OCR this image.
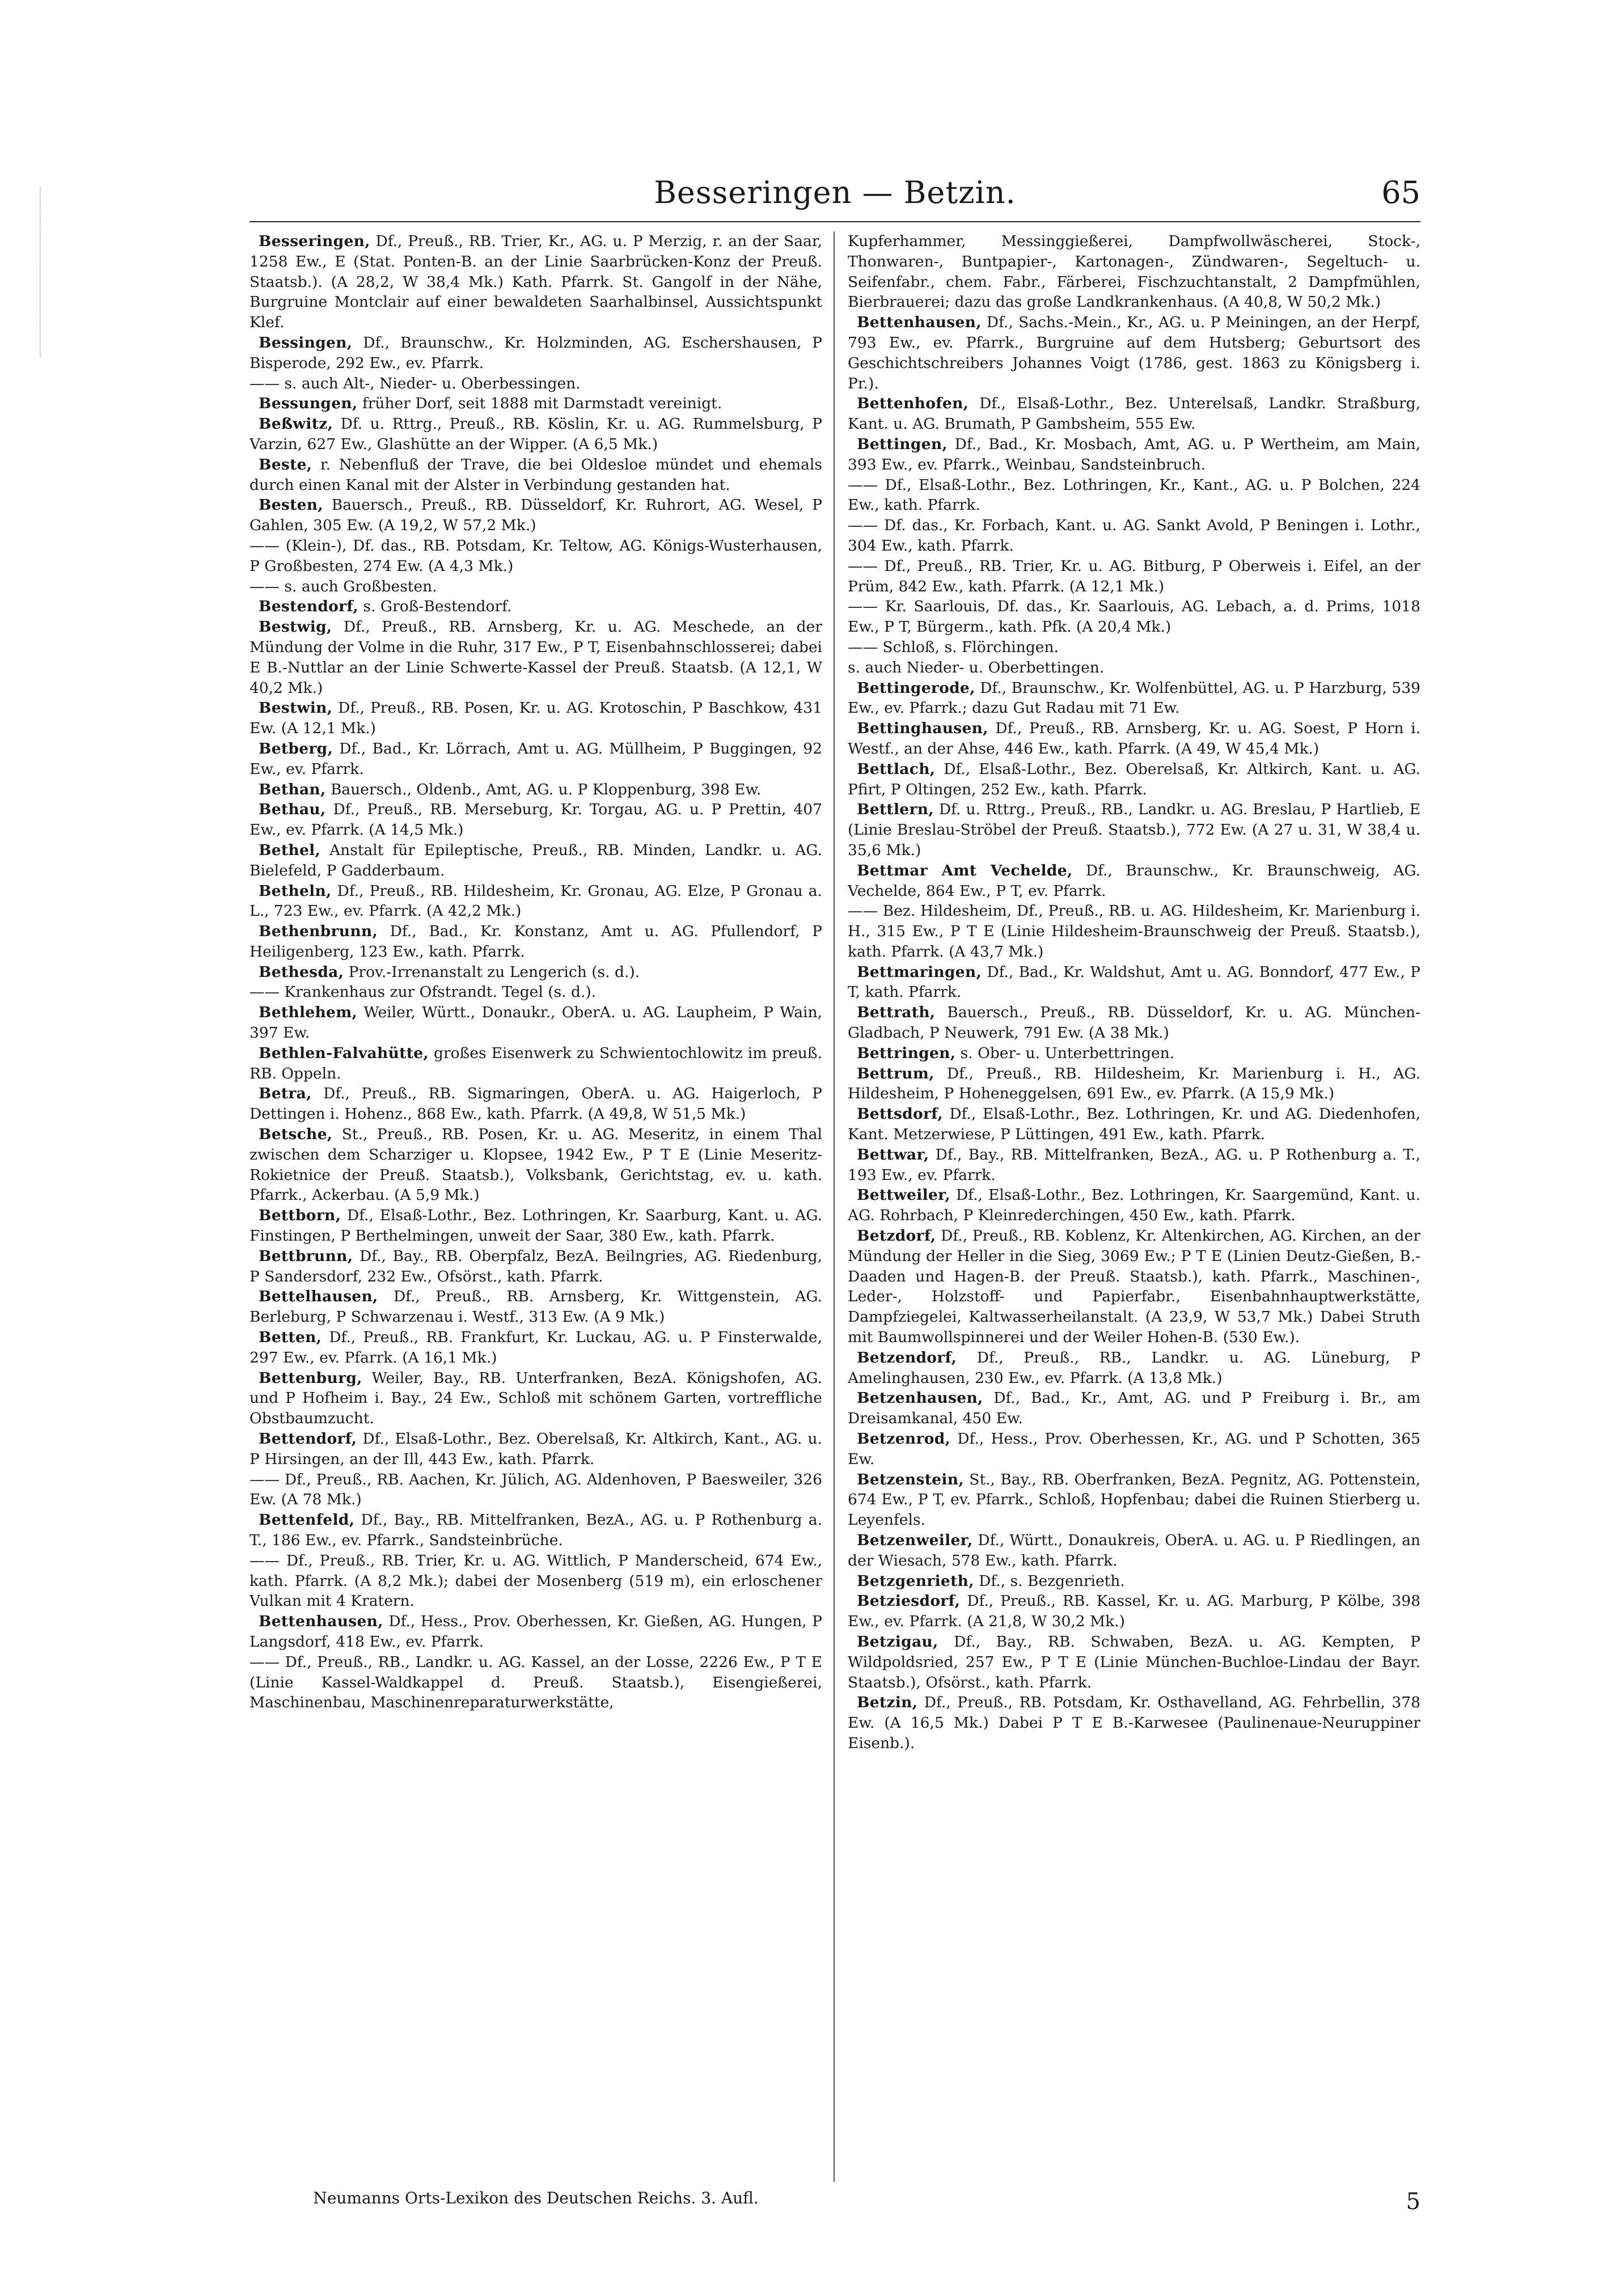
Besseringen — Betzin.	65
Besseringen, Df., Preuß., RB. Trier, Kr., AG. u. P Merzig, r. an der Saar, 1258 Ew., E (Stat. Ponten-B. an der Linie Saarbrücken-Konz der Preuß. Staatsb.). (A 28,2, W 38,4 Mk.) Kath. Pfarrk. St. Gangolf in der Nähe, Burgruine Montclair auf einer bewaldeten Saarhalbinsel, Aussichtspunkt Klef.
Bessingen, Df., Braunschw., Kr. Holzminden, AG. Eschershausen, P Bisperode, 292 Ew., ev. Pfarrk.
—— s. auch Alt-, Nieder- u. Oberbessingen.
Bessungen, früher Dorf, seit 1888 mit Darmstadt vereinigt.
Beßwitz, Df. u. Rttrg., Preuß., RB. Köslin, Kr. u. AG. Rummelsburg, P Varzin, 627 Ew., Glashütte an der Wipper. (A 6,5 Mk.)
Beste, r. Nebenfluß der Trave, die bei Oldesloe mündet und ehemals durch einen Kanal mit der Alster in Verbindung gestanden hat.
Besten, Bauersch., Preuß., RB. Düsseldorf, Kr. Ruhrort, AG. Wesel, P Gahlen, 305 Ew. (A 19,2, W 57,2 Mk.)
—— (Klein-), Df. das., RB. Potsdam, Kr. Teltow, AG. Königs-Wusterhausen, P Großbesten, 274 Ew. (A 4,3 Mk.)
—— s. auch Großbesten.
Bestendorf, s. Groß-Bestendorf.
Bestwig, Df., Preuß., RB. Arnsberg, Kr. u. AG. Meschede, an der Mündung der Volme in die Ruhr, 317 Ew., P T, Eisenbahnschlosserei; dabei E B.-Nuttlar an der Linie Schwerte-Kassel der Preuß. Staatsb. (A 12,1, W 40,2 Mk.)
Bestwin, Df., Preuß., RB. Posen, Kr. u. AG. Krotoschin, P Baschkow, 431 Ew. (A 12,1 Mk.)
Betberg, Df., Bad., Kr. Lörrach, Amt u. AG. Müllheim, P Buggingen, 92 Ew., ev. Pfarrk.
Bethan, Bauersch., Oldenb., Amt, AG. u. P Kloppenburg, 398 Ew.
Bethau, Df., Preuß., RB. Merseburg, Kr. Torgau, AG. u. P Prettin, 407 Ew., ev. Pfarrk. (A 14,5 Mk.)
Bethel, Anstalt für Epileptische, Preuß., RB. Minden, Landkr. u. AG. Bielefeld, P Gadderbaum.
Betheln, Df., Preuß., RB. Hildesheim, Kr. Gronau, AG. Elze, P Gronau a. L., 723 Ew., ev. Pfarrk. (A 42,2 Mk.)
Bethenbrunn, Df., Bad., Kr. Konstanz, Amt u. AG. Pfullendorf, P Heiligenberg, 123 Ew., kath. Pfarrk.
Bethesda, Prov.-Irrenanstalt zu Lengerich (s. d.).
—— Krankenhaus zur Ofstrandt. Tegel (s. d.).
Bethlehem, Weiler, Württ., Donaukr., OberA. u. AG. Laupheim, P Wain, 397 Ew.
Bethlen-Falvahütte, großes Eisenwerk zu Schwientochlowitz im preuß. RB. Oppeln.
Betra, Df., Preuß., RB. Sigmaringen, OberA. u. AG. Haigerloch, P Dettingen i. Hohenz., 868 Ew., kath. Pfarrk. (A 49,8, W 51,5 Mk.)
Betsche, St., Preuß., RB. Posen, Kr. u. AG. Meseritz, in einem Thal zwischen dem Scharziger u. Klopsee, 1942 Ew., P T E (Linie Meseritz-Rokietnice der Preuß. Staatsb.), Volksbank, Gerichtstag, ev. u. kath. Pfarrk., Ackerbau. (A 5,9 Mk.)
Bettborn, Df., Elsaß-Lothr., Bez. Lothringen, Kr. Saarburg, Kant. u. AG. Finstingen, P Berthelmingen, unweit der Saar, 380 Ew., kath. Pfarrk.
Bettbrunn, Df., Bay., RB. Oberpfalz, BezA. Beilngries, AG. Riedenburg, P Sandersdorf, 232 Ew., Ofsörst., kath. Pfarrk.
Bettelhausen, Df., Preuß., RB. Arnsberg, Kr. Wittgenstein, AG. Berleburg, P Schwarzenau i. Westf., 313 Ew. (A 9 Mk.)
Betten, Df., Preuß., RB. Frankfurt, Kr. Luckau, AG. u. P Finsterwalde, 297 Ew., ev. Pfarrk. (A 16,1 Mk.)
Bettenburg, Weiler, Bay., RB. Unterfranken, BezA. Königshofen, AG. und P Hofheim i. Bay., 24 Ew., Schloß mit schönem Garten, vortreffliche Obstbaumzucht.
Bettendorf, Df., Elsaß-Lothr., Bez. Oberelsaß, Kr. Altkirch, Kant., AG. u. P Hirsingen, an der Ill, 443 Ew., kath. Pfarrk.
—— Df., Preuß., RB. Aachen, Kr. Jülich, AG. Aldenhoven, P Baesweiler, 326 Ew. (A 78 Mk.)
Bettenfeld, Df., Bay., RB. Mittelfranken, BezA., AG. u. P Rothenburg a. T., 186 Ew., ev. Pfarrk., Sandsteinbrüche.
—— Df., Preuß., RB. Trier, Kr. u. AG. Wittlich, P Manderscheid, 674 Ew., kath. Pfarrk. (A 8,2 Mk.); dabei der Mosenberg (519 m), ein erloschener Vulkan mit 4 Kratern.
Bettenhausen, Df., Hess., Prov. Oberhessen, Kr. Gießen, AG. Hungen, P Langsdorf, 418 Ew., ev. Pfarrk.
—— Df., Preuß., RB., Landkr. u. AG. Kassel, an der Losse, 2226 Ew., P T E (Linie Kassel-Waldkappel d. Preuß. Staatsb.), Eisengießerei, Maschinenbau, Maschinenreparaturwerkstätte,
Kupferhammer, Messinggießerei, Dampfwollwäscherei, Stock-, Thonwaren-, Buntpapier-, Kartonagen-, Zündwaren-, Segeltuch- u. Seifenfabr., chem. Fabr., Färberei, Fischzuchtanstalt, 2 Dampfmühlen, Bierbrauerei; dazu das große Landkrankenhaus. (A 40,8, W 50,2 Mk.)
Bettenhausen, Df., Sachs.-Mein., Kr., AG. u. P Meiningen, an der Herpf, 793 Ew., ev. Pfarrk., Burgruine auf dem Hutsberg; Geburtsort des Geschichtschreibers Johannes Voigt (1786, gest. 1863 zu Königsberg i. Pr.).
Bettenhofen, Df., Elsaß-Lothr., Bez. Unterelsaß, Landkr. Straßburg, Kant. u. AG. Brumath, P Gambsheim, 555 Ew.
Bettingen, Df., Bad., Kr. Mosbach, Amt, AG. u. P Wertheim, am Main, 393 Ew., ev. Pfarrk., Weinbau, Sandsteinbruch.
—— Df., Elsaß-Lothr., Bez. Lothringen, Kr., Kant., AG. u. P Bolchen, 224 Ew., kath. Pfarrk.
—— Df. das., Kr. Forbach, Kant. u. AG. Sankt Avold, P Beningen i. Lothr., 304 Ew., kath. Pfarrk.
—— Df., Preuß., RB. Trier, Kr. u. AG. Bitburg, P Oberweis i. Eifel, an der Prüm, 842 Ew., kath. Pfarrk. (A 12,1 Mk.)
—— Kr. Saarlouis, Df. das., Kr. Saarlouis, AG. Lebach, a. d. Prims, 1018 Ew., P T, Bürgerm., kath. Pfk. (A 20,4 Mk.)
—— Schloß, s. Flörchingen.
s. auch Nieder- u. Oberbettingen.
Bettingerode, Df., Braunschw., Kr. Wolfenbüttel, AG. u. P Harzburg, 539 Ew., ev. Pfarrk.; dazu Gut Radau mit 71 Ew.
Bettinghausen, Df., Preuß., RB. Arnsberg, Kr. u. AG. Soest, P Horn i. Westf., an der Ahse, 446 Ew., kath. Pfarrk. (A 49, W 45,4 Mk.)
Bettlach, Df., Elsaß-Lothr., Bez. Oberelsaß, Kr. Altkirch, Kant. u. AG. Pfirt, P Oltingen, 252 Ew., kath. Pfarrk.
Bettlern, Df. u. Rttrg., Preuß., RB., Landkr. u. AG. Breslau, P Hartlieb, E (Linie Breslau-Ströbel der Preuß. Staatsb.), 772 Ew. (A 27 u. 31, W 38,4 u. 35,6 Mk.)
Bettmar Amt Vechelde, Df., Braunschw., Kr. Braunschweig, AG. Vechelde, 864 Ew., P T, ev. Pfarrk.
—— Bez. Hildesheim, Df., Preuß., RB. u. AG. Hildesheim, Kr. Marienburg i. H., 315 Ew., P T E (Linie Hildesheim-Braunschweig der Preuß. Staatsb.), kath. Pfarrk. (A 43,7 Mk.)
Bettmaringen, Df., Bad., Kr. Waldshut, Amt u. AG. Bonndorf, 477 Ew., P T, kath. Pfarrk.
Bettrath, Bauersch., Preuß., RB. Düsseldorf, Kr. u. AG. München-Gladbach, P Neuwerk, 791 Ew. (A 38 Mk.)
Bettringen, s. Ober- u. Unterbettringen.
Bettrum, Df., Preuß., RB. Hildesheim, Kr. Marienburg i. H., AG. Hildesheim, P Hoheneggelsen, 691 Ew., ev. Pfarrk. (A 15,9 Mk.)
Bettsdorf, Df., Elsaß-Lothr., Bez. Lothringen, Kr. und AG. Diedenhofen, Kant. Metzerwiese, P Lüttingen, 491 Ew., kath. Pfarrk.
Bettwar, Df., Bay., RB. Mittelfranken, BezA., AG. u. P Rothenburg a. T., 193 Ew., ev. Pfarrk.
Bettweiler, Df., Elsaß-Lothr., Bez. Lothringen, Kr. Saargemünd, Kant. u. AG. Rohrbach, P Kleinrederchingen, 450 Ew., kath. Pfarrk.
Betzdorf, Df., Preuß., RB. Koblenz, Kr. Altenkirchen, AG. Kirchen, an der Mündung der Heller in die Sieg, 3069 Ew.; P T E (Linien Deutz-Gießen, B.-Daaden und Hagen-B. der Preuß. Staatsb.), kath. Pfarrk., Maschinen-, Leder-, Holzstoff- und Papierfabr., Eisenbahnhauptwerkstätte, Dampfziegelei, Kaltwasserheilanstalt. (A 23,9, W 53,7 Mk.) Dabei Struth mit Baumwollspinnerei und der Weiler Hohen-B. (530 Ew.).
Betzendorf, Df., Preuß., RB., Landkr. u. AG. Lüneburg, P Amelinghausen, 230 Ew., ev. Pfarrk. (A 13,8 Mk.)
Betzenhausen, Df., Bad., Kr., Amt, AG. und P Freiburg i. Br., am Dreisamkanal, 450 Ew.
Betzenrod, Df., Hess., Prov. Oberhessen, Kr., AG. und P Schotten, 365 Ew.
Betzenstein, St., Bay., RB. Oberfranken, BezA. Pegnitz, AG. Pottenstein, 674 Ew., P T, ev. Pfarrk., Schloß, Hopfenbau; dabei die Ruinen Stierberg u. Leyenfels.
Betzenweiler, Df., Württ., Donaukreis, OberA. u. AG. u. P Riedlingen, an der Wiesach, 578 Ew., kath. Pfarrk.
Betzgenrieth, Df., s. Bezgenrieth.
Betziesdorf, Df., Preuß., RB. Kassel, Kr. u. AG. Marburg, P Kölbe, 398 Ew., ev. Pfarrk. (A 21,8, W 30,2 Mk.)
Betzigau, Df., Bay., RB. Schwaben, BezA. u. AG. Kempten, P Wildpoldsried, 257 Ew., P T E (Linie München-Buchloe-Lindau der Bayr. Staatsb.), Ofsörst., kath. Pfarrk.
Betzin, Df., Preuß., RB. Potsdam, Kr. Osthavelland, AG. Fehrbellin, 378 Ew. (A 16,5 Mk.) Dabei P T E B.-Karwesee (Paulinenaue-Neuruppiner Eisenb.).
Neumanns Orts-Lexikon des Deutschen Reichs. 3. Aufl.	5
